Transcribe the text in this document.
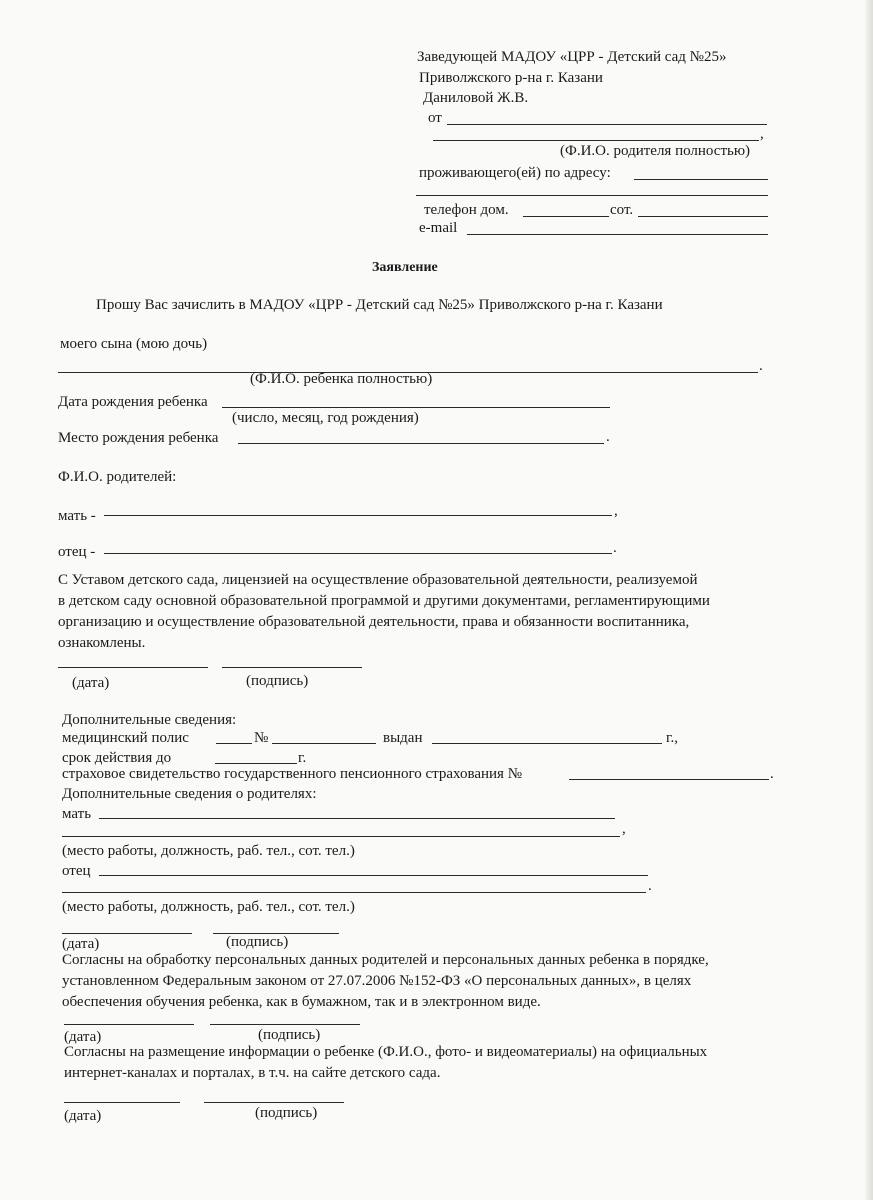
Заведующей МАДОУ «ЦРР - Детский сад №25»
Приволжского р-на г. Казани
Даниловой Ж.В.
от
,
(Ф.И.О. родителя полностью)
проживающего(ей) по адресу:
телефон дом.	сот.
e-mail
Заявление
Прошу Вас зачислить в МАДОУ «ЦРР - Детский сад №25» Приволжского р-на г. Казани
моего сына (мою дочь)
.
(Ф.И.О. ребенка полностью)
Дата рождения ребенка
(число, месяц, год рождения)
Место рождения ребенка	.
Ф.И.О. родителей:
мать -	,
отец -	.
С Уставом детского сада, лицензией на осуществление образовательной деятельности, реализуемой
в детском саду основной образовательной программой и другими документами, регламентирующими
организацию и осуществление образовательной деятельности, права и обязанности воспитанника,
ознакомлены.
(дата)	(подпись)
Дополнительные сведения:
медицинский полис	№	выдан	г.,
срок действия до	г.
страховое свидетельство государственного пенсионного страхования №	.
Дополнительные сведения о родителях:
мать
,
(место работы, должность, раб. тел., сот. тел.)
отец
.
(место работы, должность, раб. тел., сот. тел.)
(дата)	(подпись)
Согласны на обработку персональных данных родителей и персональных данных ребенка в порядке,
установленном Федеральным законом от 27.07.2006 №152-ФЗ «О персональных данных», в целях
обеспечения обучения ребенка, как в бумажном, так и в электронном виде.
(дата)	(подпись)
Согласны на размещение информации о ребенке (Ф.И.О., фото- и видеоматериалы) на официальных
интернет-каналах и порталах, в т.ч. на сайте детского сада.
(дата)	(подпись)
